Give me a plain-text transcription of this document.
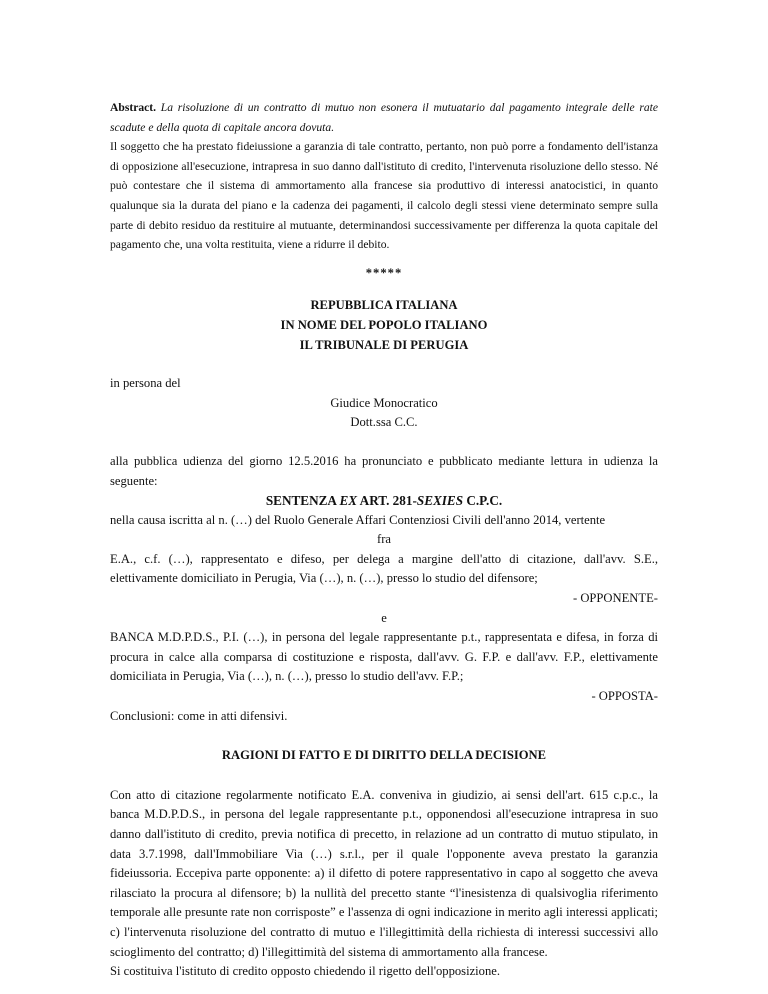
Abstract. La risoluzione di un contratto di mutuo non esonera il mutuatario dal pagamento integrale delle rate scadute e della quota di capitale ancora dovuta.

Il soggetto che ha prestato fideiussione a garanzia di tale contratto, pertanto, non può porre a fondamento dell'istanza di opposizione all'esecuzione, intrapresa in suo danno dall'istituto di credito, l'intervenuta risoluzione dello stesso. Né può contestare che il sistema di ammortamento alla francese sia produttivo di interessi anatocistici, in quanto qualunque sia la durata del piano e la cadenza dei pagamenti, il calcolo degli stessi viene determinato sempre sulla parte di debito residuo da restituire al mutuante, determinandosi successivamente per differenza la quota capitale del pagamento che, una volta restituita, viene a ridurre il debito.

*****
REPUBBLICA ITALIANA
IN NOME DEL POPOLO ITALIANO
IL TRIBUNALE DI PERUGIA

in persona del

Giudice Monocratico
Dott.ssa C.C.

alla pubblica udienza del giorno 12.5.2016 ha pronunciato e pubblicato mediante lettura in udienza la seguente:

SENTENZA EX ART. 281-SEXIES C.P.C.

nella causa iscritta al n. (…) del Ruolo Generale Affari Contenziosi Civili dell'anno 2014, vertente

fra

E.A., c.f. (…), rappresentato e difeso, per delega a margine dell'atto di citazione, dall'avv. S.E., elettivamente domiciliato in Perugia, Via (…), n. (…), presso lo studio del difensore;

- OPPONENTE-
e

BANCA M.D.P.D.S., P.I. (…), in persona del legale rappresentante p.t., rappresentata e difesa, in forza di procura in calce alla comparsa di costituzione e risposta, dall'avv. G. F.P. e dall'avv. F.P., elettivamente domiciliata in Perugia, Via (…), n. (…), presso lo studio dell'avv. F.P.;

- OPPOSTA-

Conclusioni: come in atti difensivi.

RAGIONI DI FATTO E DI DIRITTO DELLA DECISIONE

Con atto di citazione regolarmente notificato E.A. conveniva in giudizio, ai sensi dell'art. 615 c.p.c., la banca M.D.P.D.S., in persona del legale rappresentante p.t., opponendosi all'esecuzione intrapresa in suo danno dall'istituto di credito, previa notifica di precetto, in relazione ad un contratto di mutuo stipulato, in data 3.7.1998, dall'Immobiliare Via (…) s.r.l., per il quale l'opponente aveva prestato la garanzia fideiussoria. Eccepiva parte opponente: a) il difetto di potere rappresentativo in capo al soggetto che aveva rilasciato la procura al difensore; b) la nullità del precetto stante “l'inesistenza di qualsivoglia riferimento temporale alle presunte rate non corrisposte” e l'assenza di ogni indicazione in merito agli interessi applicati; c) l'intervenuta risoluzione del contratto di mutuo e l'illegittimità della richiesta di interessi successivi allo scioglimento del contratto; d) l'illegittimità del sistema di ammortamento alla francese.

Si costituiva l'istituto di credito opposto chiedendo il rigetto dell'opposizione.
